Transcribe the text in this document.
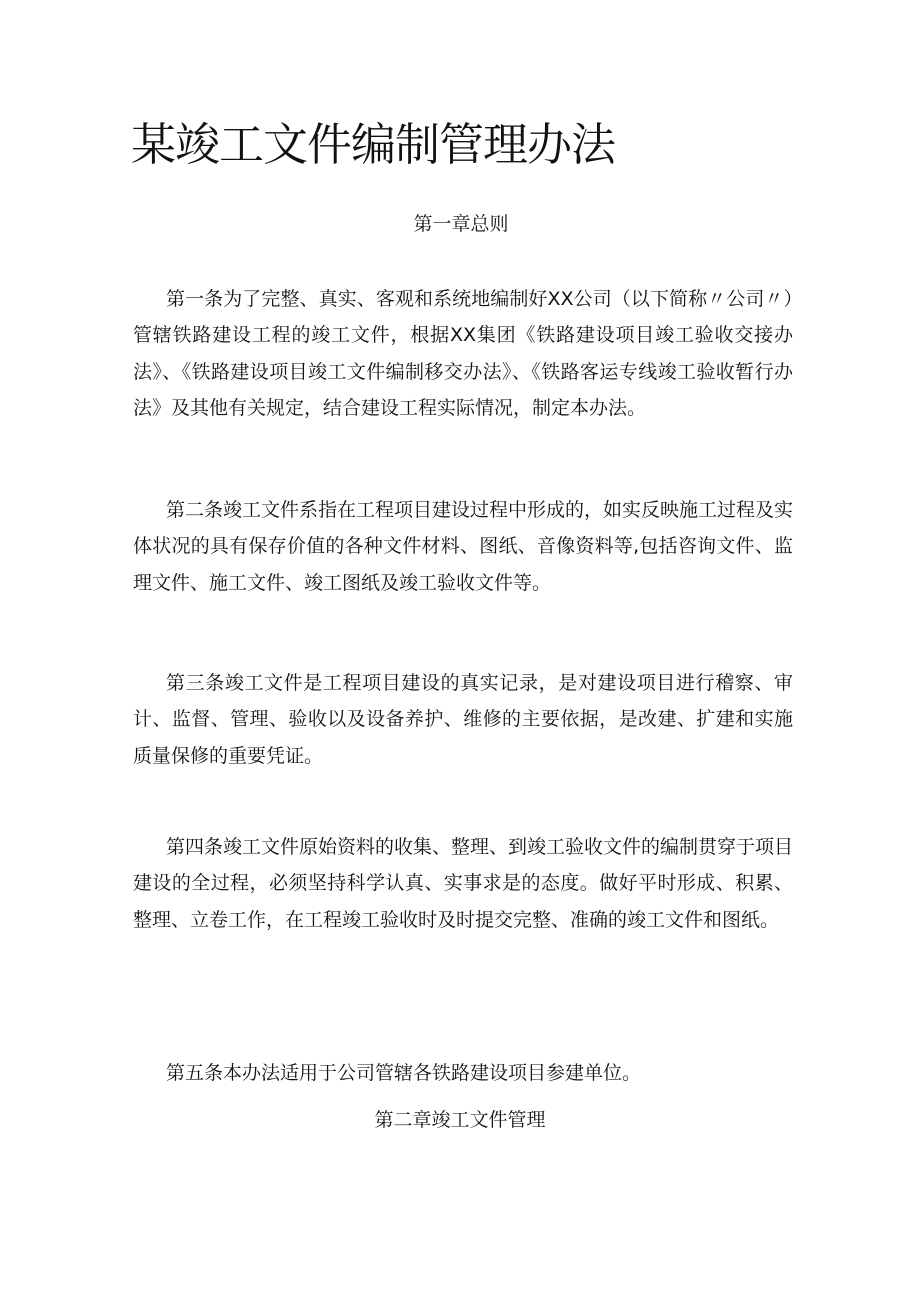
某竣工文件编制管理办法

第一章总则

第一条为了完整、真实、客观和系统地编制好XX公司（以下简称〃公司〃）管辖铁路建设工程的竣工文件，根据XX集团《铁路建设项目竣工验收交接办法》、《铁路建设项目竣工文件编制移交办法》、《铁路客运专线竣工验收暂行办法》及其他有关规定，结合建设工程实际情况，制定本办法。

第二条竣工文件系指在工程项目建设过程中形成的，如实反映施工过程及实体状况的具有保存价值的各种文件材料、图纸、音像资料等,包括咨询文件、监理文件、施工文件、竣工图纸及竣工验收文件等。

第三条竣工文件是工程项目建设的真实记录，是对建设项目进行稽察、审计、监督、管理、验收以及设备养护、维修的主要依据，是改建、扩建和实施质量保修的重要凭证。

第四条竣工文件原始资料的收集、整理、到竣工验收文件的编制贯穿于项目建设的全过程，必须坚持科学认真、实事求是的态度。做好平时形成、积累、整理、立卷工作，在工程竣工验收时及时提交完整、准确的竣工文件和图纸。

第五条本办法适用于公司管辖各铁路建设项目参建单位。

第二章竣工文件管理
